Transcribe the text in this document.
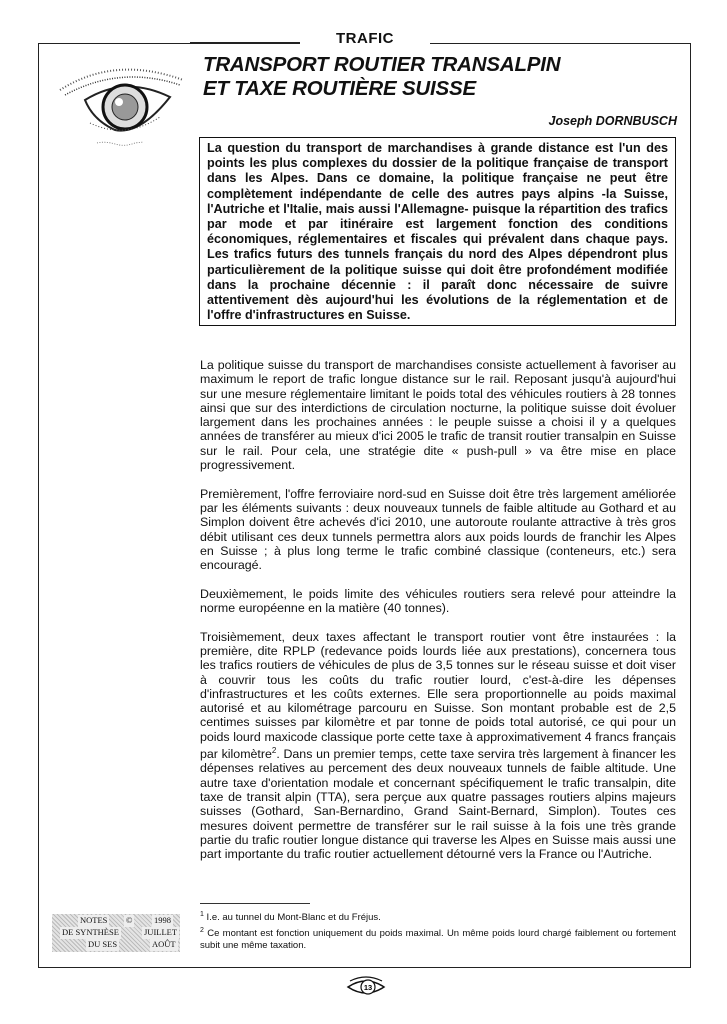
TRAFIC
TRANSPORT ROUTIER TRANSALPIN
ET TAXE ROUTIÈRE SUISSE
Joseph DORNBUSCH
La question du transport de marchandises à grande distance est l'un des points les plus complexes du dossier de la politique française de transport dans les Alpes. Dans ce domaine, la politique française ne peut être complètement indépendante de celle des autres pays alpins -la Suisse, l'Autriche et l'Italie, mais aussi l'Allemagne- puisque la répartition des trafics par mode et par itinéraire est largement fonction des conditions économiques, réglementaires et fiscales qui prévalent dans chaque pays. Les trafics futurs des tunnels français du nord des Alpes dépendront plus particulièrement de la politique suisse qui doit être profondément modifiée dans la prochaine décennie : il paraît donc nécessaire de suivre attentivement dès aujourd'hui les évolutions de la réglementation et de l'offre d'infrastructures en Suisse.

La politique suisse du transport de marchandises consiste actuellement à favoriser au maximum le report de trafic longue distance sur le rail. Reposant jusqu'à aujourd'hui sur une mesure réglementaire limitant le poids total des véhicules routiers à 28 tonnes ainsi que sur des interdictions de circulation nocturne, la politique suisse doit évoluer largement dans les prochaines années : le peuple suisse a choisi il y a quelques années de transférer au mieux d'ici 2005 le trafic de transit routier transalpin en Suisse sur le rail. Pour cela, une stratégie dite « push-pull » va être mise en place progressivement.

Premièrement, l'offre ferroviaire nord-sud en Suisse doit être très largement améliorée par les éléments suivants : deux nouveaux tunnels de faible altitude au Gothard et au Simplon doivent être achevés d'ici 2010, une autoroute roulante attractive à très gros débit utilisant ces deux tunnels permettra alors aux poids lourds de franchir les Alpes en Suisse ; à plus long terme le trafic combiné classique (conteneurs, etc.) sera encouragé.

Deuxièmement, le poids limite des véhicules routiers sera relevé pour atteindre la norme européenne en la matière (40 tonnes).

Troisièmement, deux taxes affectant le transport routier vont être instaurées : la première, dite RPLP (redevance poids lourds liée aux prestations), concernera tous les trafics routiers de véhicules de plus de 3,5 tonnes sur le réseau suisse et doit viser à couvrir tous les coûts du trafic routier lourd, c'est-à-dire les dépenses d'infrastructures et les coûts externes. Elle sera proportionnelle au poids maximal autorisé et au kilométrage parcouru en Suisse. Son montant probable est de 2,5 centimes suisses par kilomètre et par tonne de poids total autorisé, ce qui pour un poids lourd maxicode classique porte cette taxe à approximativement 4 francs français par kilomètre$^2$. Dans un premier temps, cette taxe servira très largement à financer les dépenses relatives au percement des deux nouveaux tunnels de faible altitude. Une autre taxe d'orientation modale et concernant spécifiquement le trafic transalpin, dite taxe de transit alpin (TTA), sera perçue aux quatre passages routiers alpins majeurs suisses (Gothard, San-Bernardino, Grand Saint-Bernard, Simplon). Toutes ces mesures doivent permettre de transférer sur le rail suisse à la fois une très grande partie du trafic routier longue distance qui traverse les Alpes en Suisse mais aussi une part importante du trafic routier actuellement détourné vers la France ou l'Autriche.

$^1$ I.e. au tunnel du Mont-Blanc et du Fréjus.

$^2$ Ce montant est fonction uniquement du poids maximal. Un même poids lourd chargé faiblement ou fortement subit une même taxation.

NOTES ©	1998
DE SYNTHÈSE	JUILLET
DU SES	AOÛT
13
